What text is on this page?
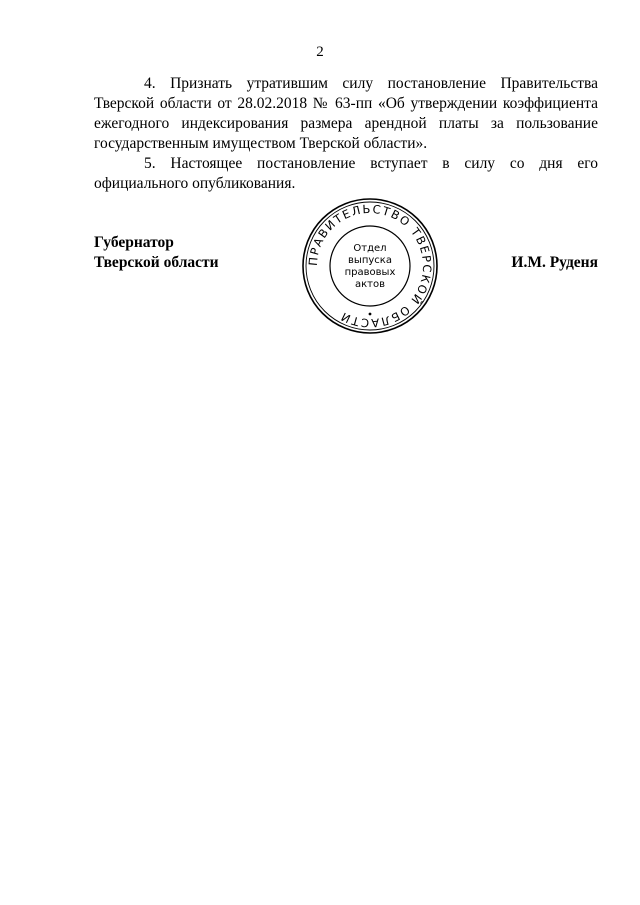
2

4. Признать утратившим силу постановление Правительства Тверской области от 28.02.2018 № 63-пп «Об утверждении коэффициента ежегодного индексирования размера арендной платы за пользование государственным имуществом Тверской области».

5. Настоящее постановление вступает в силу со дня его официального опубликования.

Губернатор
Тверской области	ПРАВИТЕЛЬСТВО ТВЕРСКОЙ ОБЛАСТИ
Отдел
выпуска
правовых
актов
И.М. Руденя
